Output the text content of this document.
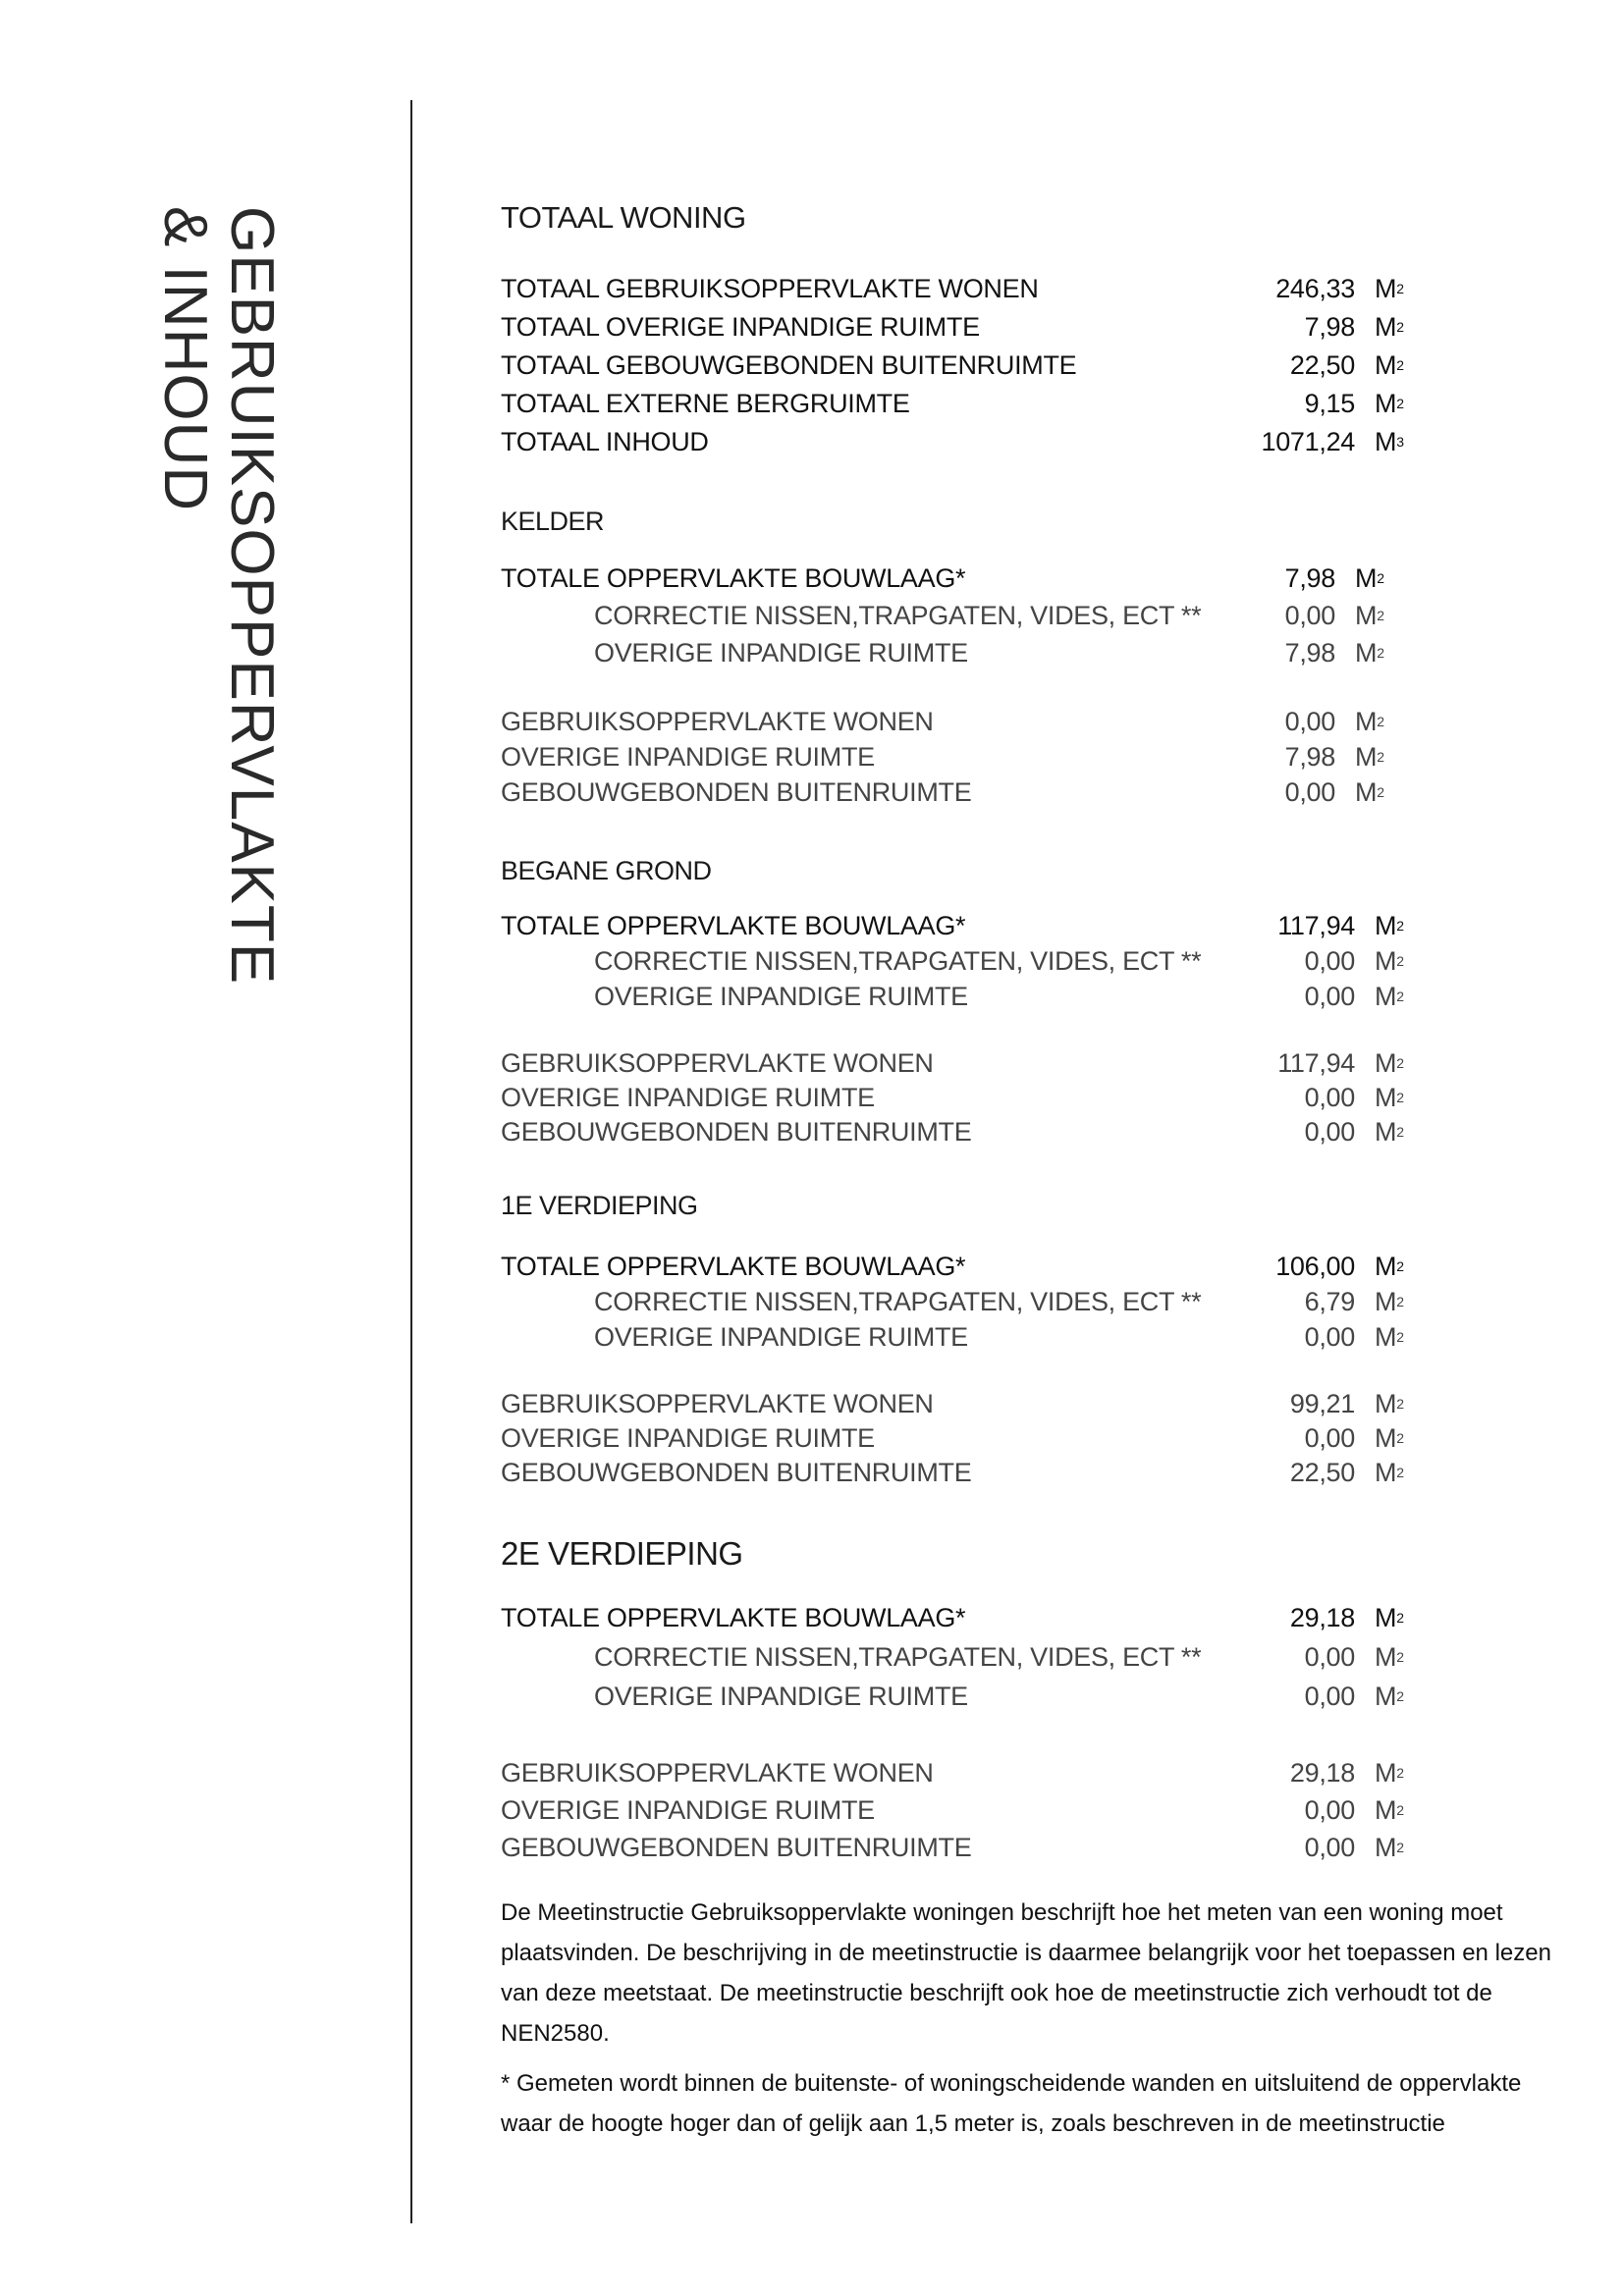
GEBRUIKSOPPERVLAKTE
& INHOUD	TOTAAL WONING
TOTAAL GEBRUIKSOPPERVLAKTE WONEN	246,33 $M^2$
TOTAAL OVERIGE INPANDIGE RUIMTE	7,98 $M^2$
TOTAAL GEBOUWGEBONDEN BUITENRUIMTE	22,50 $M^2$
TOTAAL EXTERNE BERGRUIMTE	9,15 $M^2$
TOTAAL INHOUD	1071,24 $M^3$
KELDER
TOTALE OPPERVLAKTE BOUWLAAG*	7,98 $M^2$
CORRECTIE NISSEN,TRAPGATEN, VIDES, ECT **	0,00 $M^2$
OVERIGE INPANDIGE RUIMTE	7,98 $M^2$
GEBRUIKSOPPERVLAKTE WONEN	0,00 $M^2$
OVERIGE INPANDIGE RUIMTE	7,98 $M^2$
GEBOUWGEBONDEN BUITENRUIMTE	0,00 $M^2$
BEGANE GROND
TOTALE OPPERVLAKTE BOUWLAAG*	117,94 $M^2$
CORRECTIE NISSEN,TRAPGATEN, VIDES, ECT **	0,00 $M^2$
OVERIGE INPANDIGE RUIMTE	0,00 $M^2$
GEBRUIKSOPPERVLAKTE WONEN	117,94 $M^2$
OVERIGE INPANDIGE RUIMTE	0,00 $M^2$
GEBOUWGEBONDEN BUITENRUIMTE	0,00 $M^2$
1E VERDIEPING
TOTALE OPPERVLAKTE BOUWLAAG*	106,00 $M^2$
CORRECTIE NISSEN,TRAPGATEN, VIDES, ECT **	6,79 $M^2$
OVERIGE INPANDIGE RUIMTE	0,00 $M^2$
GEBRUIKSOPPERVLAKTE WONEN	99,21 $M^2$
OVERIGE INPANDIGE RUIMTE	0,00 $M^2$
GEBOUWGEBONDEN BUITENRUIMTE	22,50 $M^2$
2E VERDIEPING
TOTALE OPPERVLAKTE BOUWLAAG*	29,18 $M^2$
CORRECTIE NISSEN,TRAPGATEN, VIDES, ECT **	0,00 $M^2$
OVERIGE INPANDIGE RUIMTE	0,00 $M^2$
GEBRUIKSOPPERVLAKTE WONEN	29,18 $M^2$
OVERIGE INPANDIGE RUIMTE	0,00 $M^2$
GEBOUWGEBONDEN BUITENRUIMTE	0,00 $M^2$
De Meetinstructie Gebruiksoppervlakte woningen beschrijft hoe het meten van een woning moet plaatsvinden. De beschrijving in de meetinstructie is daarmee belangrijk voor het toepassen en lezen van deze meetstaat. De meetinstructie beschrijft ook hoe de meetinstructie zich verhoudt tot de NEN2580.
* Gemeten wordt binnen de buitenste- of woningscheidende wanden en uitsluitend de oppervlakte waar de hoogte hoger dan of gelijk aan 1,5 meter is, zoals beschreven in de meetinstructie
